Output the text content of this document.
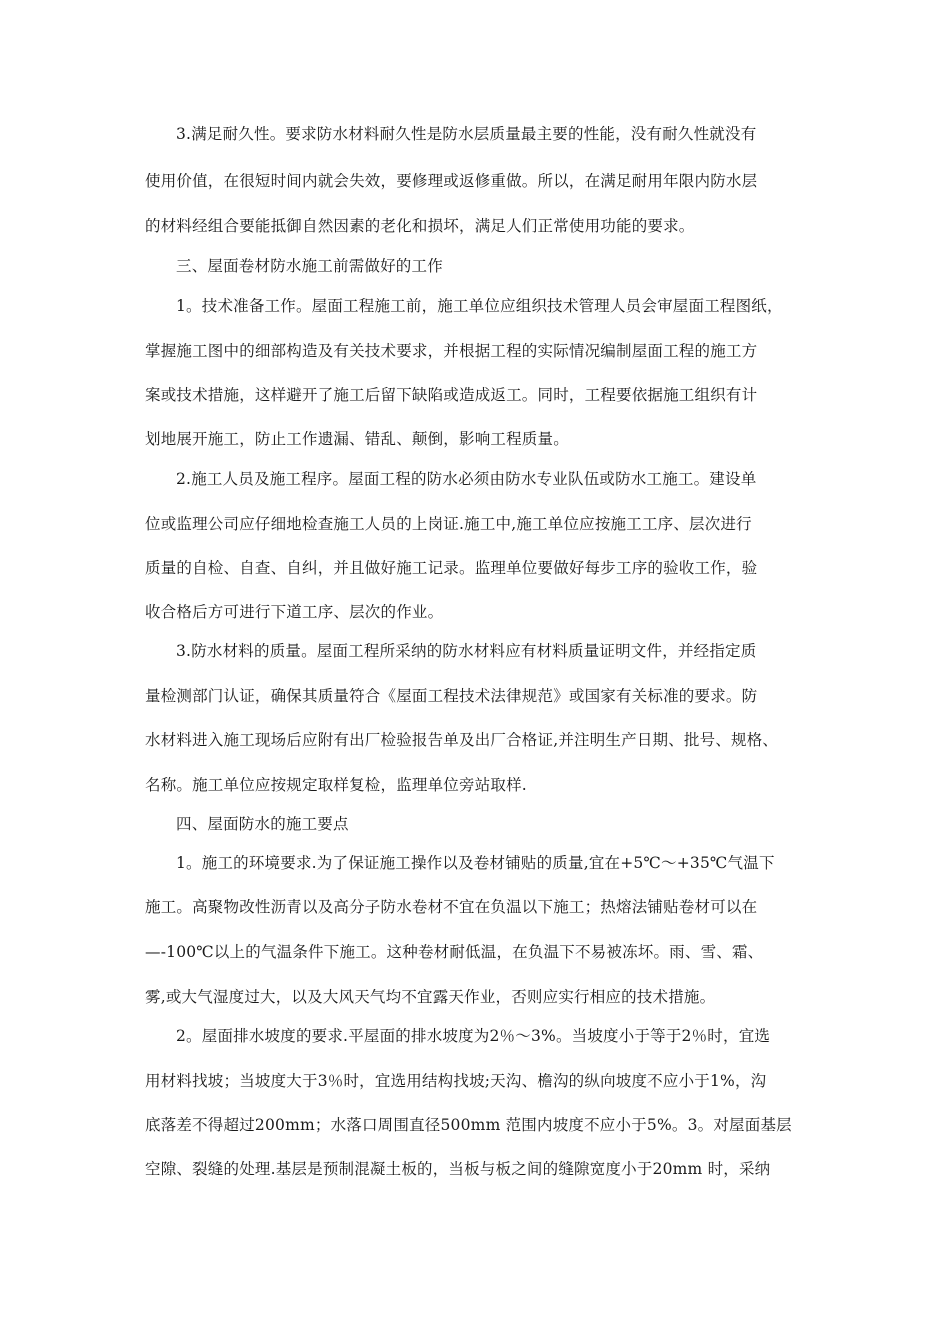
3.满足耐久性。要求防水材料耐久性是防水层质量最主要的性能，没有耐久性就没有
使用价值，在很短时间内就会失效，要修理或返修重做。所以，在满足耐用年限内防水层
的材料经组合要能抵御自然因素的老化和损坏，满足人们正常使用功能的要求。
三、屋面卷材防水施工前需做好的工作
1。技术准备工作。屋面工程施工前，施工单位应组织技术管理人员会审屋面工程图纸，
掌握施工图中的细部构造及有关技术要求，并根据工程的实际情况编制屋面工程的施工方
案或技术措施，这样避开了施工后留下缺陷或造成返工。同时，工程要依据施工组织有计
划地展开施工，防止工作遗漏、错乱、颠倒，影响工程质量。
2.施工人员及施工程序。屋面工程的防水必须由防水专业队伍或防水工施工。建设单
位或监理公司应仔细地检查施工人员的上岗证.施工中,施工单位应按施工工序、层次进行
质量的自检、自查、自纠，并且做好施工记录。监理单位要做好每步工序的验收工作，验
收合格后方可进行下道工序、层次的作业。
3.防水材料的质量。屋面工程所采纳的防水材料应有材料质量证明文件，并经指定质
量检测部门认证，确保其质量符合《屋面工程技术法律规范》或国家有关标准的要求。防
水材料进入施工现场后应附有出厂检验报告单及出厂合格证,并注明生产日期、批号、规格、
名称。施工单位应按规定取样复检，监理单位旁站取样.
四、屋面防水的施工要点
1。施工的环境要求.为了保证施工操作以及卷材铺贴的质量,宜在+5℃～+35℃气温下
施工。高聚物改性沥青以及高分子防水卷材不宜在负温以下施工；热熔法铺贴卷材可以在
—-100℃以上的气温条件下施工。这种卷材耐低温，在负温下不易被冻坏。雨、雪、霜、
雾,或大气湿度过大，以及大风天气均不宜露天作业，否则应实行相应的技术措施。
2。屋面排水坡度的要求.平屋面的排水坡度为2％～3%。当坡度小于等于2％时，宜选
用材料找坡；当坡度大于3％时，宜选用结构找坡;天沟、檐沟的纵向坡度不应小于1%，沟
底落差不得超过200mm；水落口周围直径500mm 范围内坡度不应小于5%。3。对屋面基层
空隙、裂缝的处理.基层是预制混凝土板的，当板与板之间的缝隙宽度小于20mm 时，采纳
